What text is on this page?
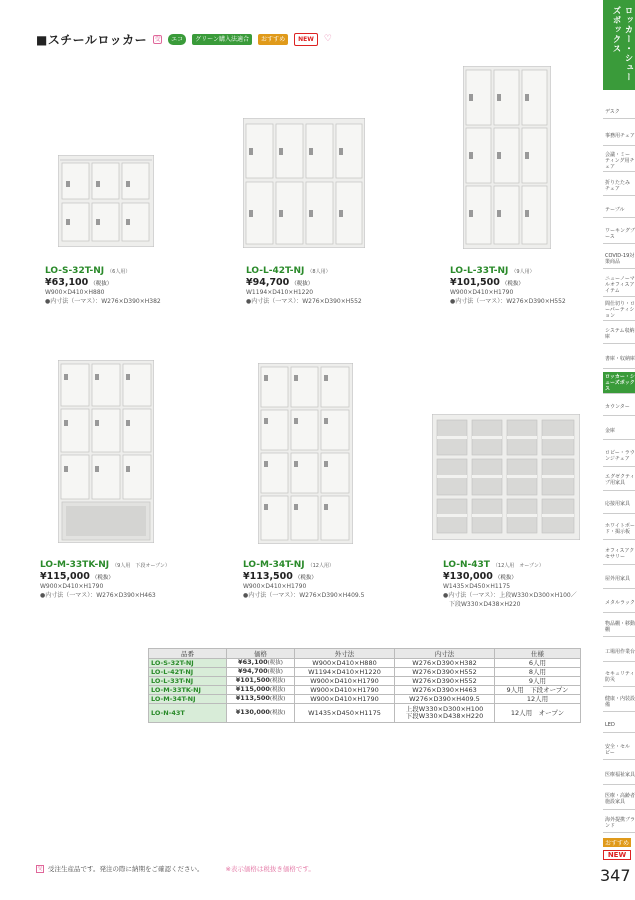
■スチールロッカー 受	エコ	グリーン購入法適合	おすすめ	NEW	♡
LO-S-32T-NJ （6人用）
¥63,100 （税抜）
W900×D410×H880
●内寸法（一マス）：W276×D390×H382
LO-L-42T-NJ （8人用）
¥94,700 （税抜）
W1194×D410×H1220
●内寸法（一マス）：W276×D390×H552
LO-L-33T-NJ （9人用）
¥101,500 （税抜）
W900×D410×H1790
●内寸法（一マス）：W276×D390×H552
LO-M-33TK-NJ （9人用　下段オープン）
¥115,000 （税抜）
W900×D410×H1790
●内寸法（一マス）：W276×D390×H463
LO-M-34T-NJ （12人用）
¥113,500 （税抜）
W900×D410×H1790
●内寸法（一マス）：W276×D390×H409.5
LO-N-43T （12人用　オープン）
¥130,000 （税抜）
W1435×D450×H1175
●内寸法（一マス）：上段W330×D300×H100／
下段W330×D438×H220
品番	価格	外寸法	内寸法	仕様
LO-S-32T-NJ	¥63,100(税抜)	W900×D410×H880	W276×D390×H382	6人用
LO-L-42T-NJ	¥94,700(税抜)	W1194×D410×H1220	W276×D390×H552	8人用
LO-L-33T-NJ	¥101,500(税抜)	W900×D410×H1790	W276×D390×H552	9人用
LO-M-33TK-NJ	¥115,000(税抜)	W900×D410×H1790	W276×D390×H463	9人用　下段オープン
LO-M-34T-NJ	¥113,500(税抜)	W900×D410×H1790	W276×D390×H409.5	12人用
LO-N-43T	¥130,000(税抜)	W1435×D450×H1175	上段W330×D300×H100
下段W330×D438×H220	12人用　オープン
受 受注生産品です。発注の際に納期をご確認ください。	※表示価格は税抜き価格です。
ロッカー・シューズボックス
デスク
事務用チェア
会議・ミーティング用チェア
折りたたみチェア
テーブル
ワーキングブース
COVID-19対策商品
ニューノーマルオフィスアイテム
間仕切り・ローパーティション
システム収納庫
書庫・収納庫
ロッカー・シューズボックス
カウンター
金庫
ロビー・ラウンジチェア
エグゼクティブ用家具
応接用家具
ホワイトボード・掲示板
オフィスアクセサリー
屋外用家具
メタルラック
物品棚・移動棚
工場用作業台
セキュリティ防災
健康・内装設備
LED
安全・セルビー
医療福祉家具
医療・高齢者施設家具
海外提携ブランド
おすすめ
NEW
347
